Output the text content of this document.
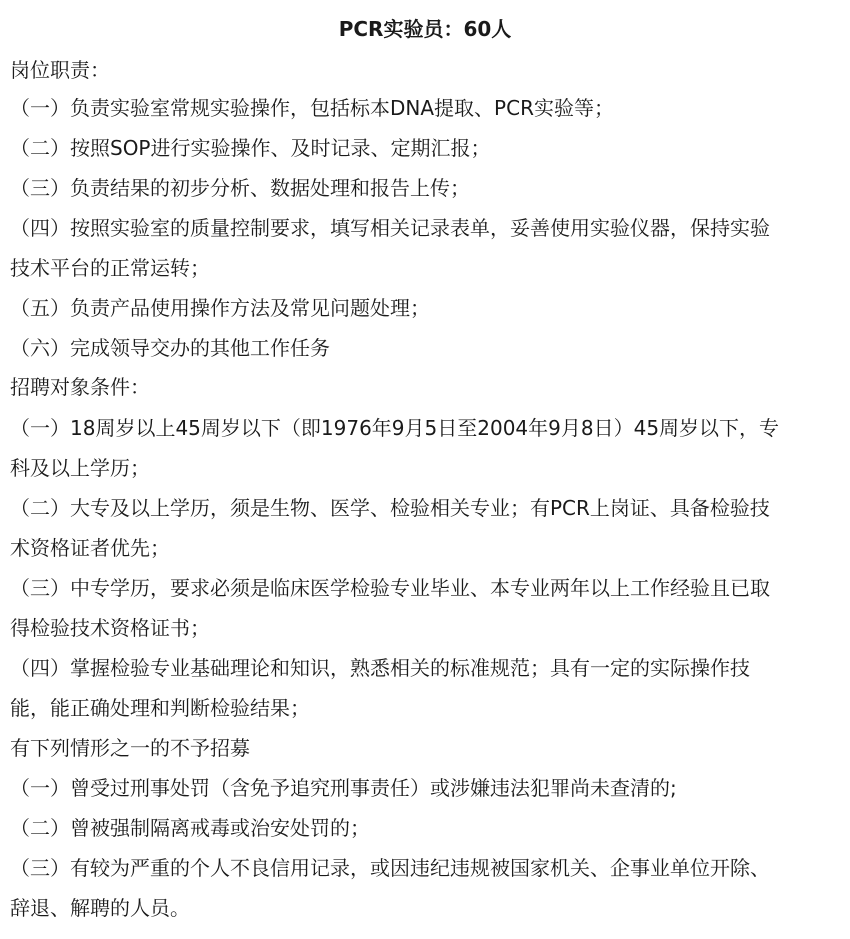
PCR实验员：60人
岗位职责：
（一）负责实验室常规实验操作，包括标本DNA提取、PCR实验等；
（二）按照SOP进行实验操作、及时记录、定期汇报；
（三）负责结果的初步分析、数据处理和报告上传；
（四）按照实验室的质量控制要求，填写相关记录表单，妥善使用实验仪器，保持实验
技术平台的正常运转；
（五）负责产品使用操作方法及常见问题处理；
（六）完成领导交办的其他工作任务
招聘对象条件：
（一）18周岁以上45周岁以下（即1976年9月5日至2004年9月8日）45周岁以下，专
科及以上学历；
（二）大专及以上学历，须是生物、医学、检验相关专业；有PCR上岗证、具备检验技
术资格证者优先；
（三）中专学历，要求必须是临床医学检验专业毕业、本专业两年以上工作经验且已取
得检验技术资格证书；
（四）掌握检验专业基础理论和知识，熟悉相关的标准规范；具有一定的实际操作技
能，能正确处理和判断检验结果；
有下列情形之一的不予招募
（一）曾受过刑事处罚（含免予追究刑事责任）或涉嫌违法犯罪尚未查清的;
（二）曾被强制隔离戒毒或治安处罚的；
（三）有较为严重的个人不良信用记录，或因违纪违规被国家机关、企事业单位开除、
辞退、解聘的人员。
